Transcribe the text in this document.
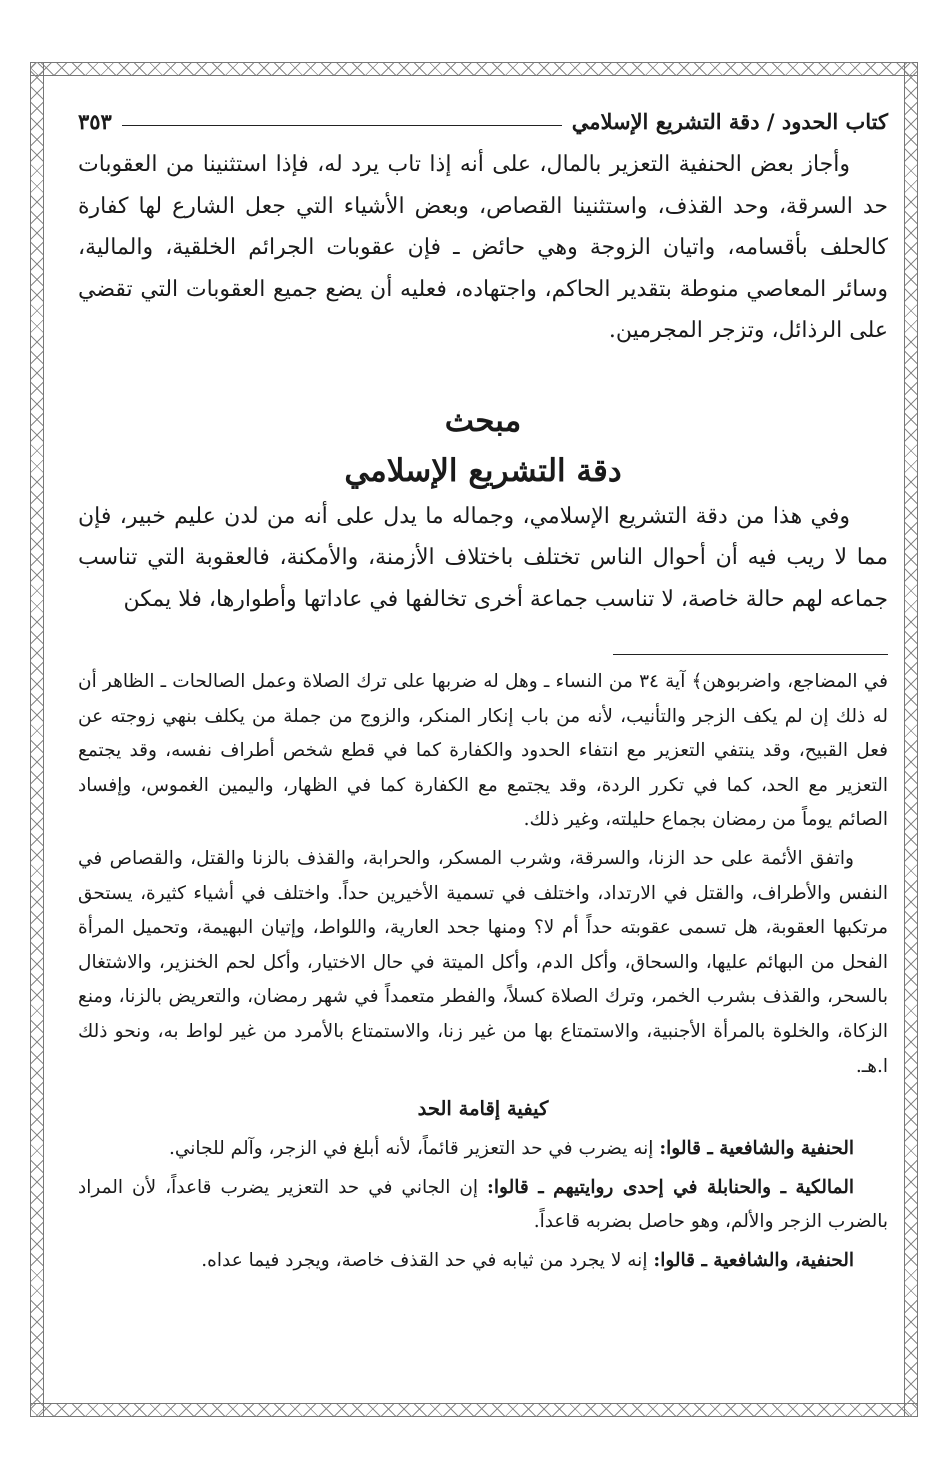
كتاب الحدود / دقة التشريع الإسلامي
٣٥٣

وأجاز بعض الحنفية التعزير بالمال، على أنه إذا تاب يرد له، فإذا استثنينا من العقوبات حد السرقة، وحد القذف، واستثنينا القصاص، وبعض الأشياء التي جعل الشارع لها كفارة كالحلف بأقسامه، واتيان الزوجة وهي حائض ـ فإن عقوبات الجرائم الخلقية، والمالية، وسائر المعاصي منوطة بتقدير الحاكم، واجتهاده، فعليه أن يضع جميع العقوبات التي تقضي على الرذائل، وتزجر المجرمين.

مبحث

دقة التشريع الإسلامي

وفي هذا من دقة التشريع الإسلامي، وجماله ما يدل على أنه من لدن عليم خبير، فإن مما لا ريب فيه أن أحوال الناس تختلف باختلاف الأزمنة، والأمكنة، فالعقوبة التي تناسب جماعه لهم حالة خاصة، لا تناسب جماعة أخرى تخالفها في عاداتها وأطوارها، فلا يمكن

في المضاجع، واضربوهن﴾ آية ٣٤ من النساء ـ وهل له ضربها على ترك الصلاة وعمل الصالحات ـ الظاهر أن له ذلك إن لم يكف الزجر والتأنيب، لأنه من باب إنكار المنكر، والزوج من جملة من يكلف بنهي زوجته عن فعل القبيح، وقد ينتفي التعزير مع انتفاء الحدود والكفارة كما في قطع شخص أطراف نفسه، وقد يجتمع التعزير مع الحد، كما في تكرر الردة، وقد يجتمع مع الكفارة كما في الظهار، واليمين الغموس، وإفساد الصائم يوماً من رمضان بجماع حليلته، وغير ذلك.

واتفق الأئمة على حد الزنا، والسرقة، وشرب المسكر، والحرابة، والقذف بالزنا والقتل، والقصاص في النفس والأطراف، والقتل في الارتداد، واختلف في تسمية الأخيرين حداً. واختلف في أشياء كثيرة، يستحق مرتكبها العقوبة، هل تسمى عقوبته حداً أم لا؟ ومنها جحد العارية، واللواط، وإتيان البهيمة، وتحميل المرأة الفحل من البهائم عليها، والسحاق، وأكل الدم، وأكل الميتة في حال الاختيار، وأكل لحم الخنزير، والاشتغال بالسحر، والقذف بشرب الخمر، وترك الصلاة كسلاً، والفطر متعمداً في شهر رمضان، والتعريض بالزنا، ومنع الزكاة، والخلوة بالمرأة الأجنبية، والاستمتاع بها من غير زنا، والاستمتاع بالأمرد من غير لواط به، ونحو ذلك ا.هـ.

كيفية إقامة الحد

الحنفية والشافعية ـ قالوا: إنه يضرب في حد التعزير قائماً، لأنه أبلغ في الزجر، وآلم للجاني.

المالكية ـ والحنابلة في إحدى روايتيهم ـ قالوا: إن الجاني في حد التعزير يضرب قاعداً، لأن المراد بالضرب الزجر والألم، وهو حاصل بضربه قاعداً.

الحنفية، والشافعية ـ قالوا: إنه لا يجرد من ثيابه في حد القذف خاصة، ويجرد فيما عداه.
